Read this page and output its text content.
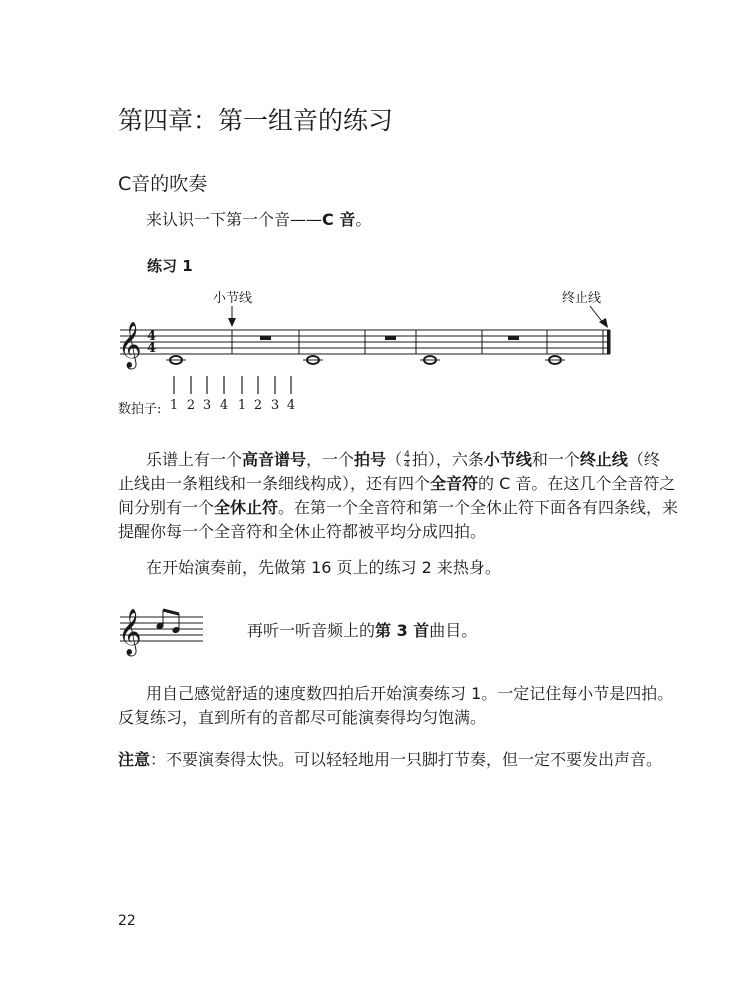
第四章：第一组音的练习
C音的吹奏
来认识一下第一个音——C 音。
练习 1
小节线	终止线
𝄞 4
4
𝄞
数拍子: 1 2 3 4 1 2 3 4
乐谱上有一个高音谱号，一个拍号（ $\frac{4}{4}$ 拍），六条小节线和一个终止线（终
止线由一条粗线和一条细线构成），还有四个全音符的 C 音。在这几个全音符之
间分别有一个全休止符。在第一个全音符和第一个全休止符下面各有四条线，来
提醒你每一个全音符和全休止符都被平均分成四拍。
在开始演奏前，先做第 16 页上的练习 2 来热身。
再听一听音频上的第 3 首曲目。
用自己感觉舒适的速度数四拍后开始演奏练习 1。一定记住每小节是四拍。
反复练习，直到所有的音都尽可能演奏得均匀饱满。
注意：不要演奏得太快。可以轻轻地用一只脚打节奏，但一定不要发出声音。
22
